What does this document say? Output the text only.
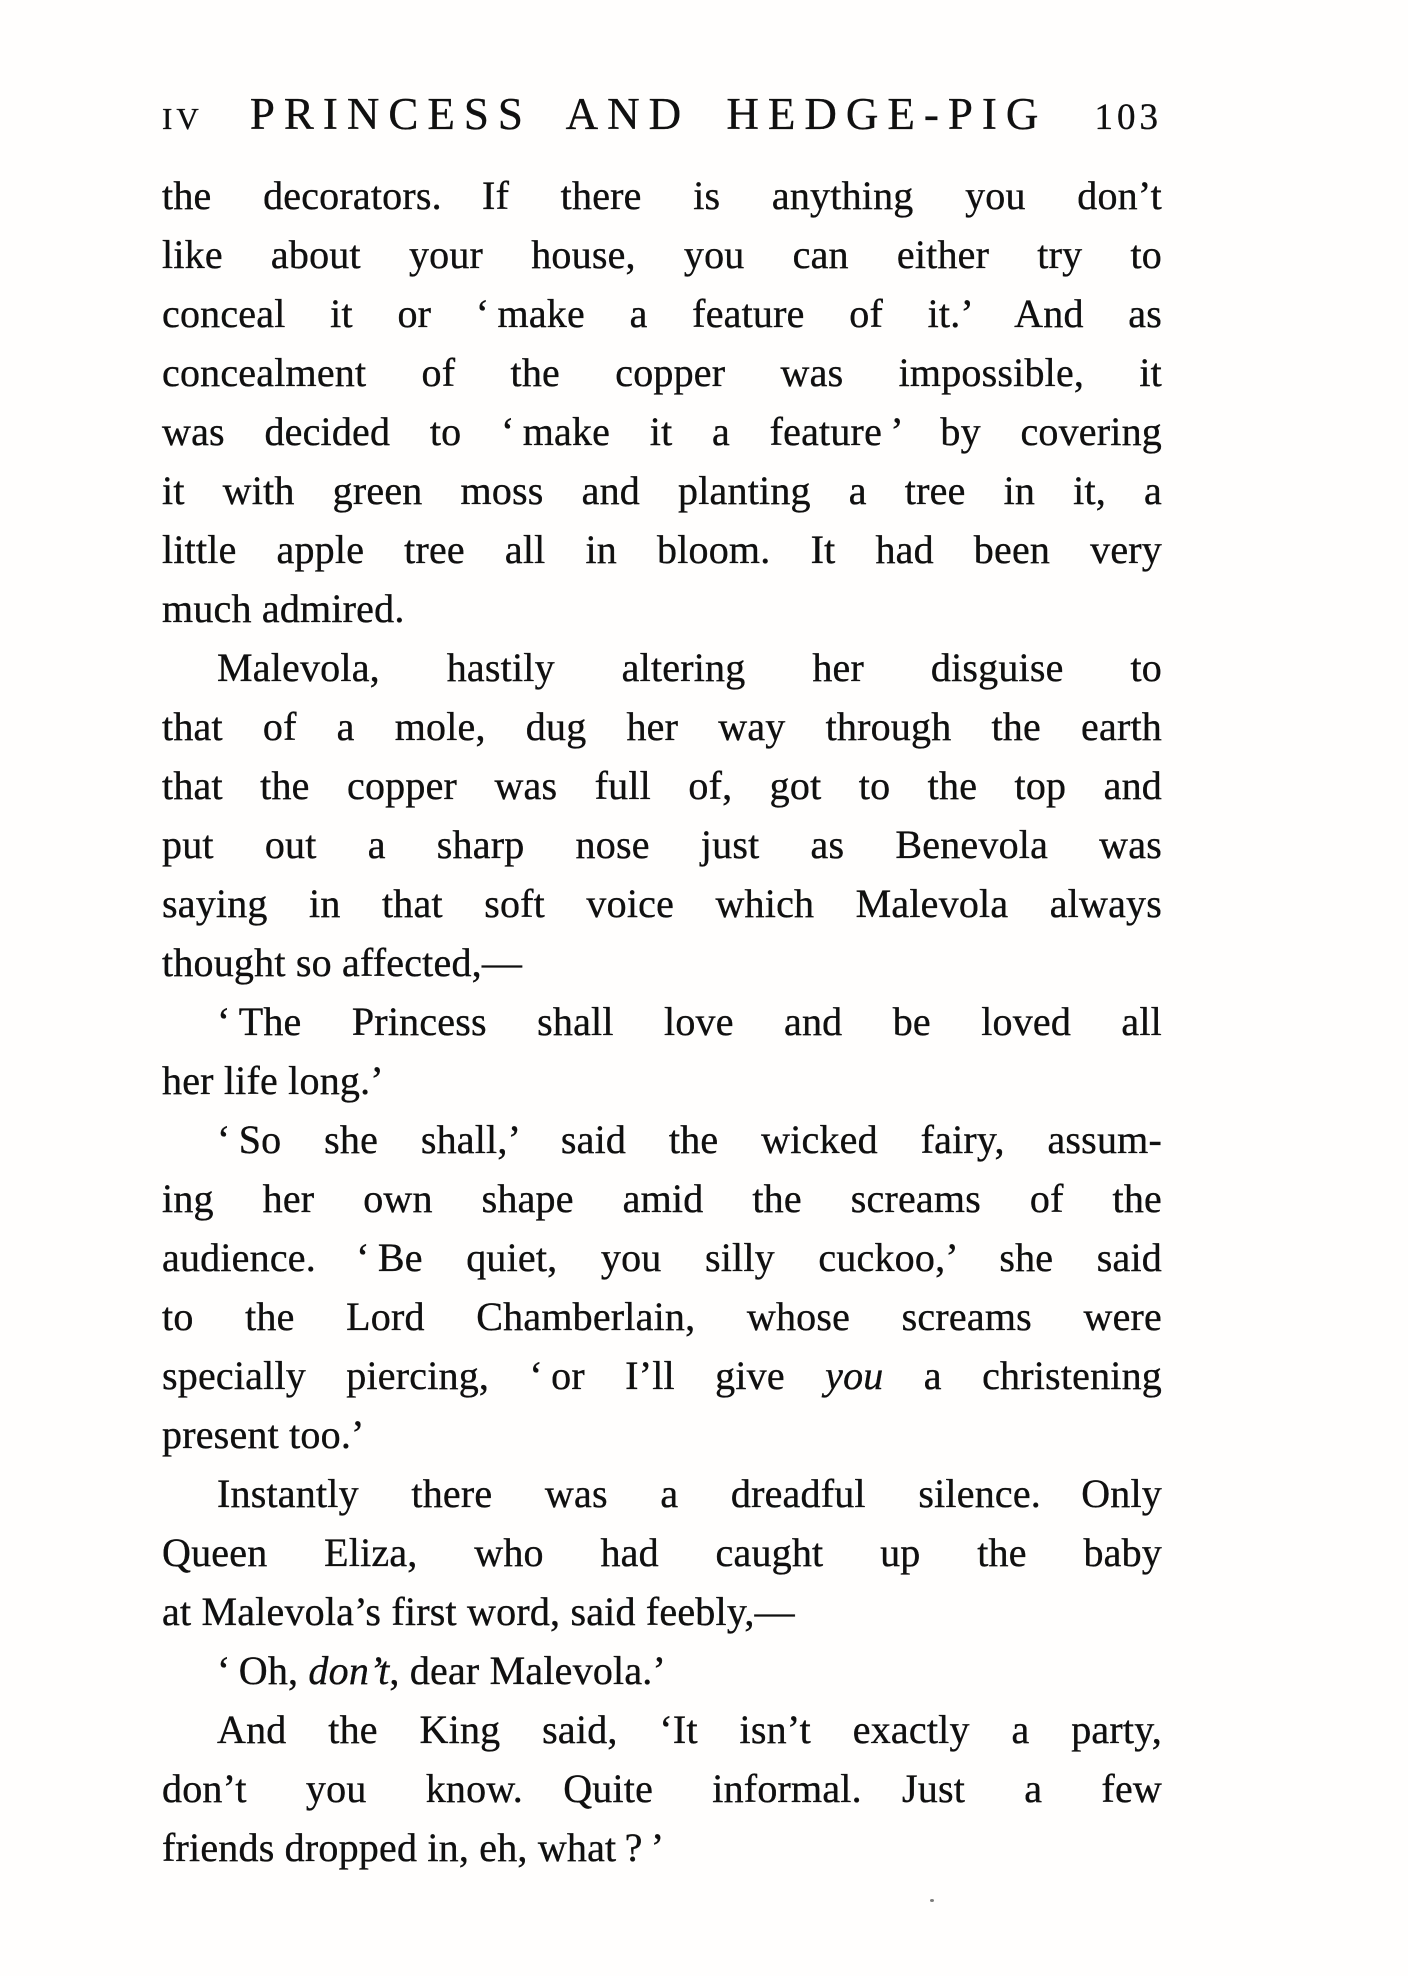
IV PRINCESS AND HEDGE-PIG 103
the decorators. If there is anything you don’t
like about your house, you can either try to
conceal it or ‘ make a feature of it.’ And as
concealment of the copper was impossible, it
was decided to ‘ make it a feature ’ by covering
it with green moss and planting a tree in it, a
little apple tree all in bloom. It had been very
much admired.
Malevola, hastily altering her disguise to
that of a mole, dug her way through the earth
that the copper was full of, got to the top and
put out a sharp nose just as Benevola was
saying in that soft voice which Malevola always
thought so affected,—
‘ The Princess shall love and be loved all
her life long.’
‘ So she shall,’ said the wicked fairy, assum-
ing her own shape amid the screams of the
audience. ‘ Be quiet, you silly cuckoo,’ she said
to the Lord Chamberlain, whose screams were
specially piercing, ‘ or I’ll give you a christening
present too.’
Instantly there was a dreadful silence. Only
Queen Eliza, who had caught up the baby
at Malevola’s first word, said feebly,—
‘ Oh, don’t, dear Malevola.’
And the King said, ‘It isn’t exactly a party,
don’t you know. Quite informal. Just a few
friends dropped in, eh, what ? ’
